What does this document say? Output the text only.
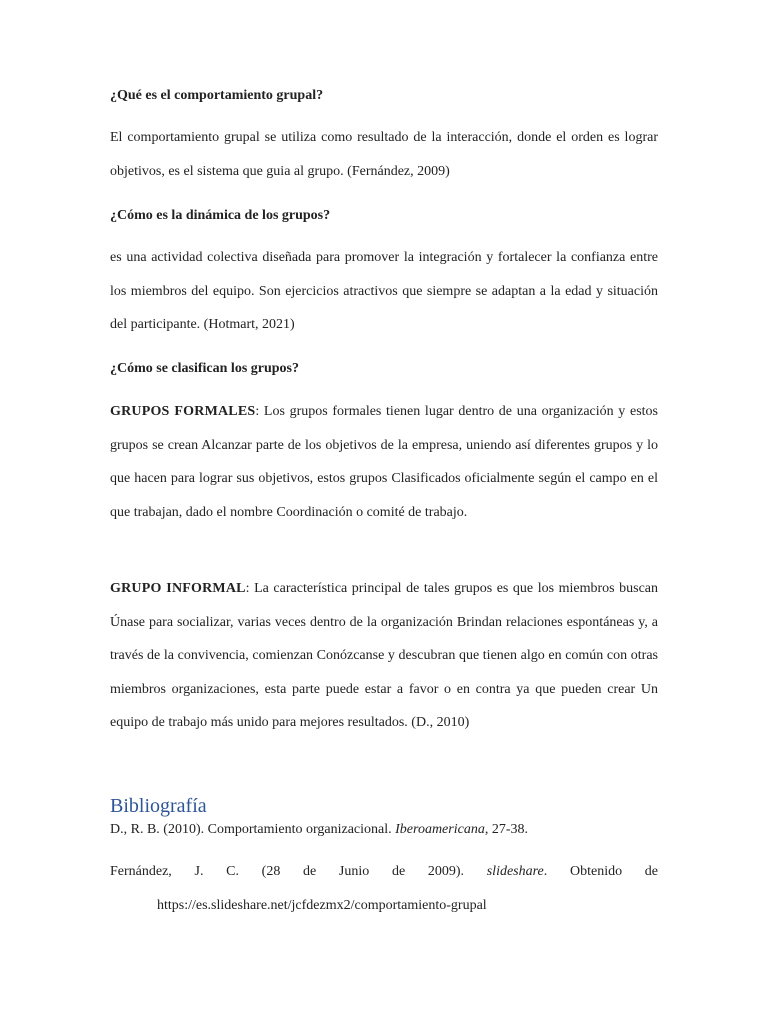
¿Qué es el comportamiento grupal?
El comportamiento grupal se utiliza como resultado de la interacción, donde el orden es lograr objetivos, es el sistema que guia al grupo. (Fernández, 2009)
¿Cómo es la dinámica de los grupos?
es una actividad colectiva diseñada para promover la integración y fortalecer la confianza entre los miembros del equipo. Son ejercicios atractivos que siempre se adaptan a la edad y situación del participante. (Hotmart, 2021)
¿Cómo se clasifican los grupos?
GRUPOS FORMALES: Los grupos formales tienen lugar dentro de una organización y estos grupos se crean Alcanzar parte de los objetivos de la empresa, uniendo así diferentes grupos y lo que hacen para lograr sus objetivos, estos grupos Clasificados oficialmente según el campo en el que trabajan, dado el nombre Coordinación o comité de trabajo.
GRUPO INFORMAL: La característica principal de tales grupos es que los miembros buscan Únase para socializar, varias veces dentro de la organización Brindan relaciones espontáneas y, a través de la convivencia, comienzan Conózcanse y descubran que tienen algo en común con otras miembros organizaciones, esta parte puede estar a favor o en contra ya que pueden crear Un equipo de trabajo más unido para mejores resultados. (D., 2010)
Bibliografía
D., R. B. (2010). Comportamiento organizacional. Iberoamericana, 27-38.
Fernández, J. C. (28 de Junio de 2009). slideshare. Obtenido de
https://es.slideshare.net/jcfdezmx2/comportamiento-grupal
